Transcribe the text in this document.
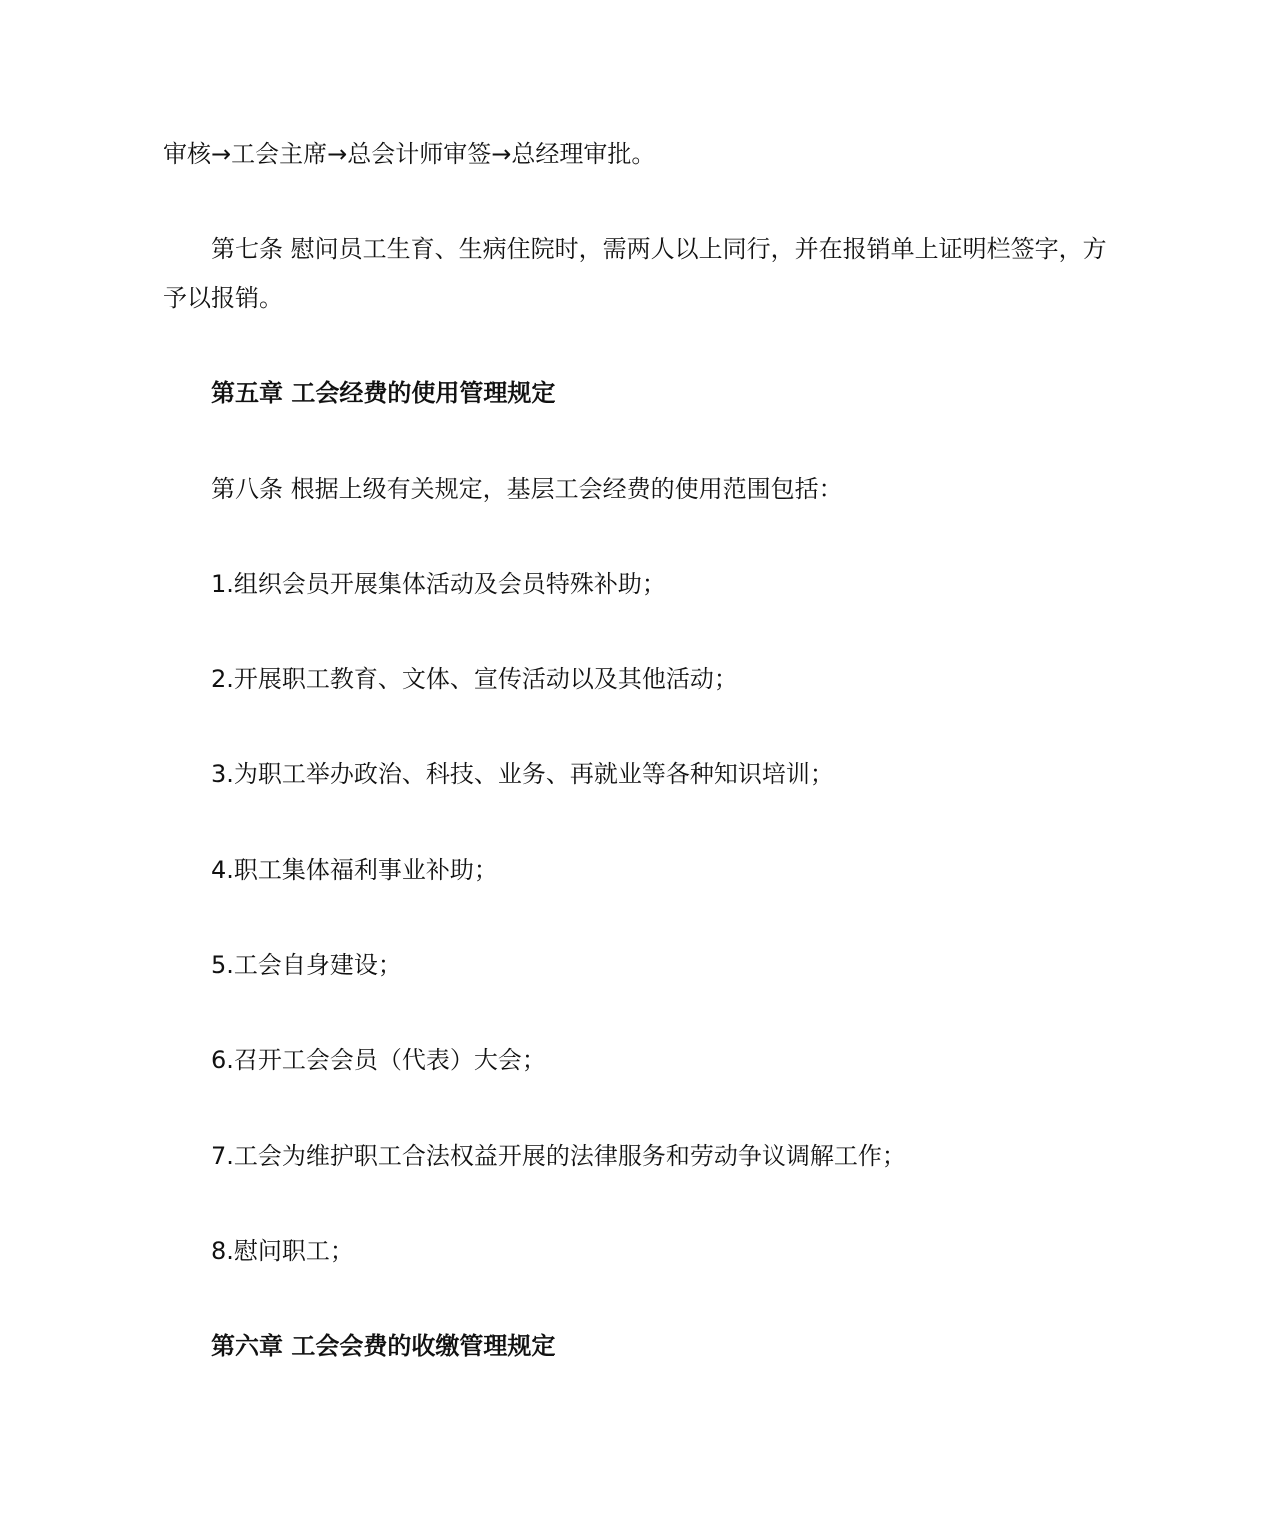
审核→工会主席→总会计师审签→总经理审批。
第七条 慰问员工生育、生病住院时，需两人以上同行，并在报销单上证明栏签字，方
予以报销。
第五章 工会经费的使用管理规定
第八条 根据上级有关规定，基层工会经费的使用范围包括：
1.组织会员开展集体活动及会员特殊补助；
2.开展职工教育、文体、宣传活动以及其他活动；
3.为职工举办政治、科技、业务、再就业等各种知识培训；
4.职工集体福利事业补助；
5.工会自身建设；
6.召开工会会员（代表）大会；
7.工会为维护职工合法权益开展的法律服务和劳动争议调解工作；
8.慰问职工；
第六章 工会会费的收缴管理规定
